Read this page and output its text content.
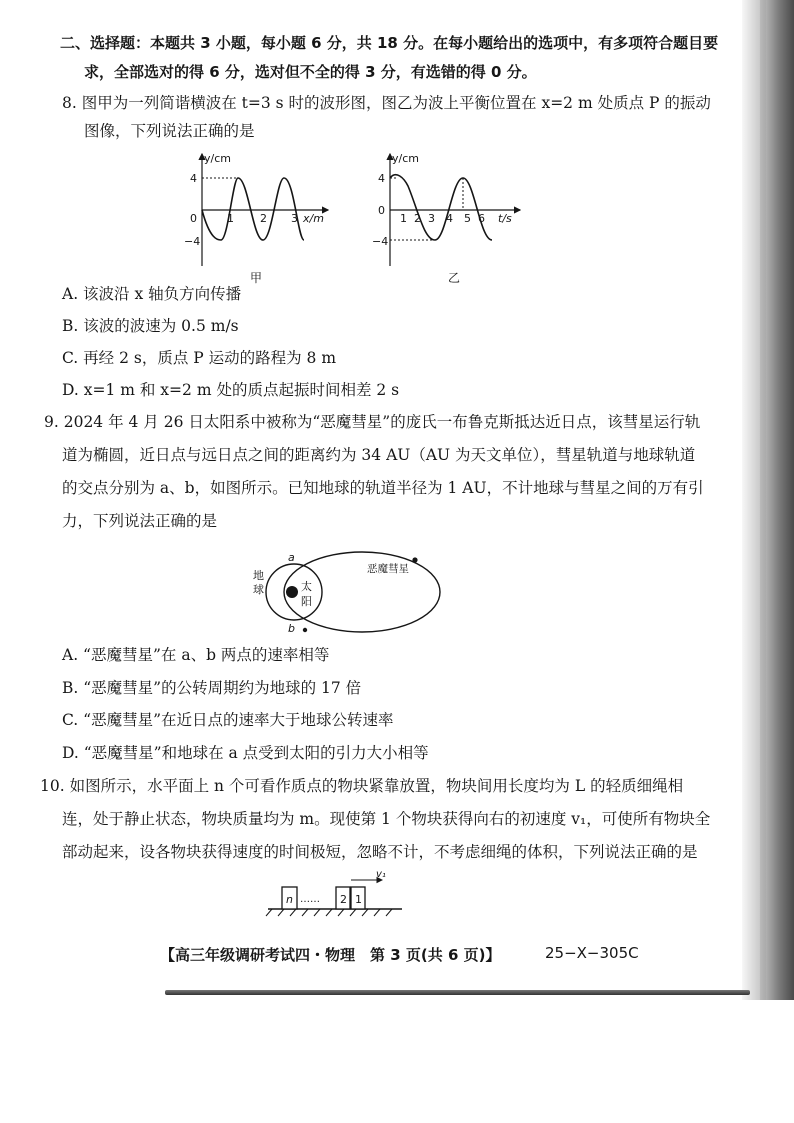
二、选择题：本题共 3 小题，每小题 6 分，共 18 分。在每小题给出的选项中，有多项符合题目要
求，全部选对的得 6 分，选对但不全的得 3 分，有选错的得 0 分。
8. 图甲为一列简谐横波在 t=3 s 时的波形图，图乙为波上平衡位置在 x=2 m 处质点 P 的振动
图像，下列说法正确的是
y/cm
4
−4
0	1 2 3 x/m
甲
y/cm
4
0
−4
1 2 3 4 5 6 t/s
乙
A. 该波沿 x 轴负方向传播
B. 该波的波速为 0.5 m/s
C. 再经 2 s，质点 P 运动的路程为 8 m
D. x=1 m 和 x=2 m 处的质点起振时间相差 2 s
9. 2024 年 4 月 26 日太阳系中被称为“恶魔彗星”的庞氏一布鲁克斯抵达近日点，该彗星运行轨
道为椭圆，近日点与远日点之间的距离约为 34 AU（AU 为天文单位），彗星轨道与地球轨道
的交点分别为 a、b，如图所示。已知地球的轨道半径为 1 AU，不计地球与彗星之间的万有引
力，下列说法正确的是
a
b
地
球	太
阳
恶魔彗星
A. “恶魔彗星”在 a、b 两点的速率相等
B. “恶魔彗星”的公转周期约为地球的 17 倍
C. “恶魔彗星”在近日点的速率大于地球公转速率
D. “恶魔彗星”和地球在 a 点受到太阳的引力大小相等
10. 如图所示，水平面上 n 个可看作质点的物块紧靠放置，物块间用长度均为 L 的轻质细绳相
连，处于静止状态，物块质量均为 m。现使第 1 个物块获得向右的初速度 v₁，可使所有物块全
部动起来，设各物块获得速度的时间极短，忽略不计，不考虑细绳的体积，下列说法正确的是
n …… 2 1
v₁
【高三年级调研考试四・物理　第 3 页(共 6 页)】	25−X−305C
